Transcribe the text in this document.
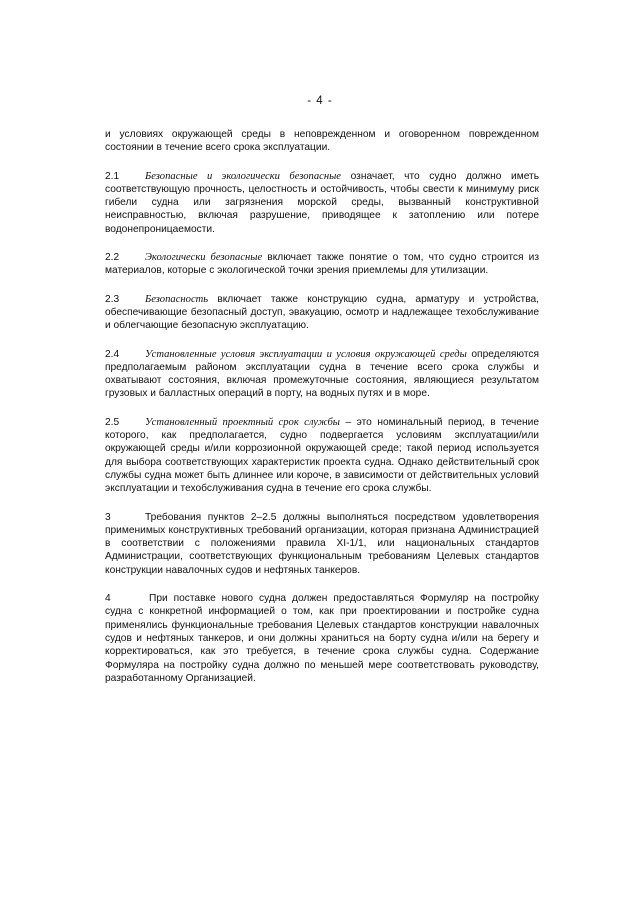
- 4 -

и условиях окружающей среды в неповрежденном и оговоренном поврежденном состоянии в течение всего срока эксплуатации.

2.1 Безопасные и экологически безопасные означает, что судно должно иметь соответствующую прочность, целостность и остойчивость, чтобы свести к минимуму риск гибели судна или загрязнения морской среды, вызванный конструктивной неисправностью, включая разрушение, приводящее к затоплению или потере водонепроницаемости.

2.2 Экологически безопасные включает также понятие о том, что судно строится из материалов, которые с экологической точки зрения приемлемы для утилизации.

2.3 Безопасность включает также конструкцию судна, арматуру и устройства, обеспечивающие безопасный доступ, эвакуацию, осмотр и надлежащее техобслуживание и облегчающие безопасную эксплуатацию.

2.4 Установленные условия эксплуатации и условия окружающей среды определяются предполагаемым районом эксплуатации судна в течение всего срока службы и охватывают состояния, включая промежуточные состояния, являющиеся результатом грузовых и балластных операций в порту, на водных путях и в море.

2.5 Установленный проектный срок службы – это номинальный период, в течение которого, как предполагается, судно подвергается условиям эксплуатации/или окружающей среды и/или коррозионной окружающей среде; такой период используется для выбора соответствующих характеристик проекта судна. Однако действительный срок службы судна может быть длиннее или короче, в зависимости от действительных условий эксплуатации и техобслуживания судна в течение его срока службы.

3	Требования пунктов 2–2.5 должны выполняться посредством удовлетворения применимых конструктивных требований организации, которая признана Администрацией в соответствии с положениями правила XI-1/1, или национальных стандартов Администрации, соответствующих функциональным требованиям Целевых стандартов конструкции навалочных судов и нефтяных танкеров.

4	При поставке нового судна должен предоставляться Формуляр на постройку судна с конкретной информацией о том, как при проектировании и постройке судна применялись функциональные требования Целевых стандартов конструкции навалочных судов и нефтяных танкеров, и они должны храниться на борту судна и/или на берегу и корректироваться, как это требуется, в течение срока службы судна. Содержание Формуляра на постройку судна должно по меньшей мере соответствовать руководству, разработанному Организацией.
